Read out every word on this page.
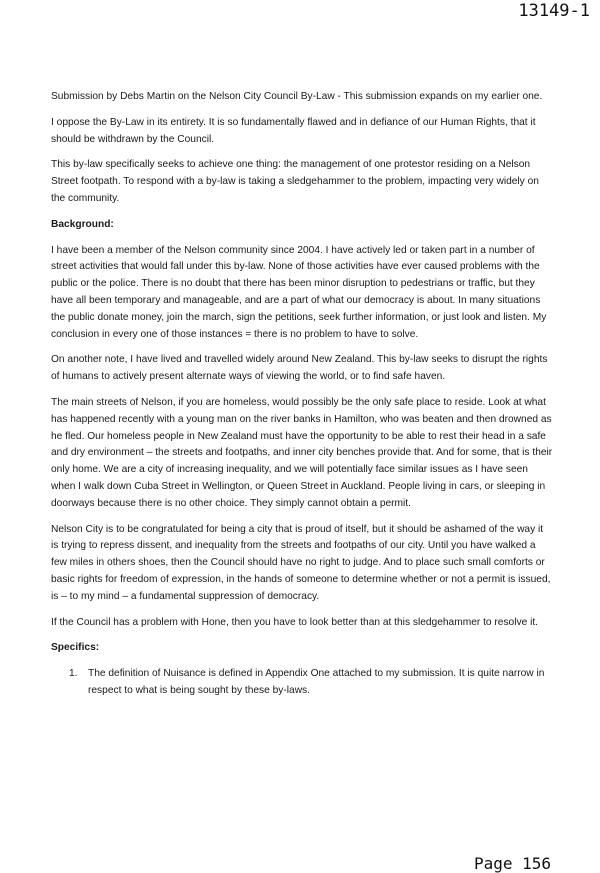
13149-1

Submission by Debs Martin on the Nelson City Council By-Law - This submission expands on my earlier one.

I oppose the By-Law in its entirety. It is so fundamentally flawed and in defiance of our Human Rights, that it should be withdrawn by the Council.

This by-law specifically seeks to achieve one thing: the management of one protestor residing on a Nelson Street footpath. To respond with a by-law is taking a sledgehammer to the problem, impacting very widely on the community.

Background:

I have been a member of the Nelson community since 2004. I have actively led or taken part in a number of street activities that would fall under this by-law. None of those activities have ever caused problems with the public or the police. There is no doubt that there has been minor disruption to pedestrians or traffic, but they have all been temporary and manageable, and are a part of what our democracy is about. In many situations the public donate money, join the march, sign the petitions, seek further information, or just look and listen. My conclusion in every one of those instances = there is no problem to have to solve.

On another note, I have lived and travelled widely around New Zealand. This by-law seeks to disrupt the rights of humans to actively present alternate ways of viewing the world, or to find safe haven.

The main streets of Nelson, if you are homeless, would possibly be the only safe place to reside. Look at what has happened recently with a young man on the river banks in Hamilton, who was beaten and then drowned as he fled. Our homeless people in New Zealand must have the opportunity to be able to rest their head in a safe and dry environment – the streets and footpaths, and inner city benches provide that. And for some, that is their only home. We are a city of increasing inequality, and we will potentially face similar issues as I have seen when I walk down Cuba Street in Wellington, or Queen Street in Auckland. People living in cars, or sleeping in doorways because there is no other choice. They simply cannot obtain a permit.

Nelson City is to be congratulated for being a city that is proud of itself, but it should be ashamed of the way it is trying to repress dissent, and inequality from the streets and footpaths of our city. Until you have walked a few miles in others shoes, then the Council should have no right to judge. And to place such small comforts or basic rights for freedom of expression, in the hands of someone to determine whether or not a permit is issued, is – to my mind – a fundamental suppression of democracy.

If the Council has a problem with Hone, then you have to look better than at this sledgehammer to resolve it.

Specifics:
1. The definition of Nuisance is defined in Appendix One attached to my submission. It is quite narrow in respect to what is being sought by these by-laws.
Page 156
